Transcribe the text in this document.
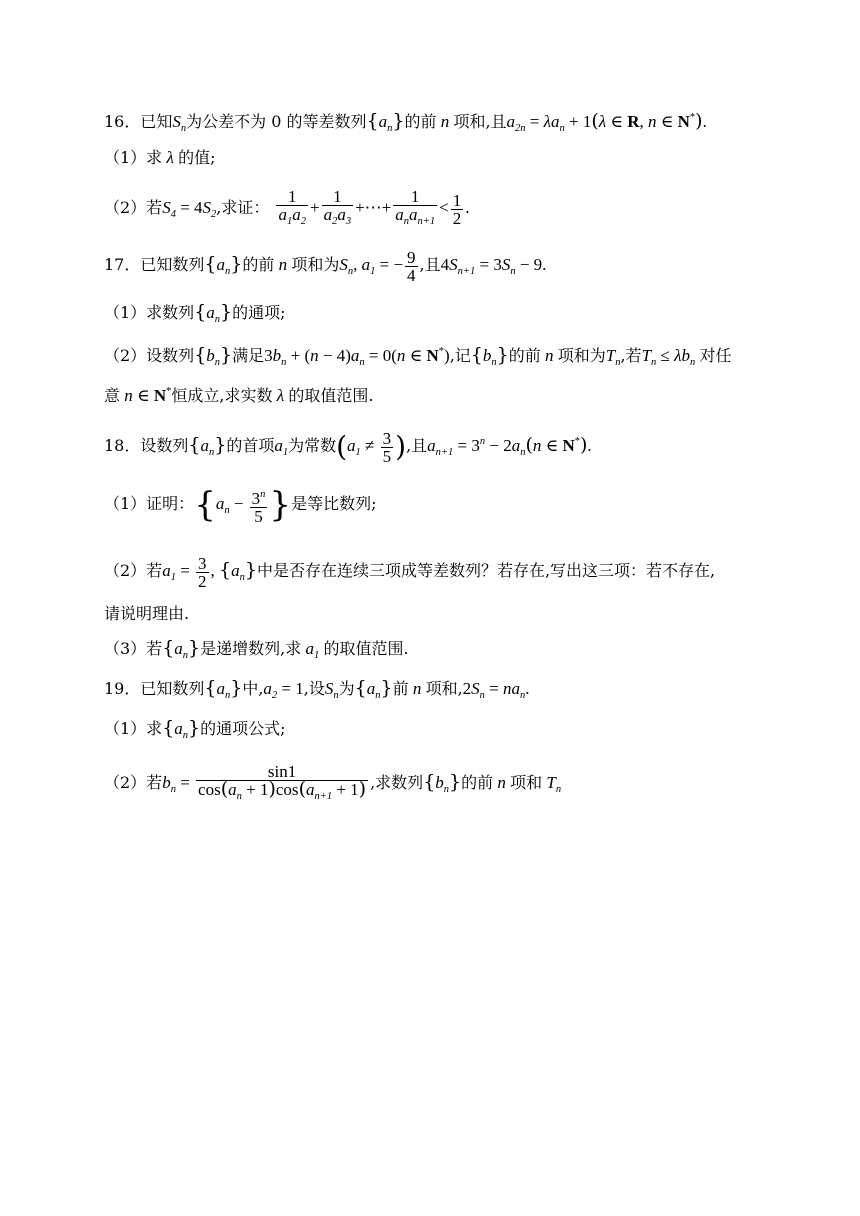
16．已知$S_n$为公差不为 0 的等差数列$\{a_n\}$的前 n 项和,且$a_{2n} = \lambda a_n + 1(\lambda$ ∈ R, n ∈ N*).
（1）求 λ 的值;
（2）若$S_4 = 4S_2$,求证： $\frac{1}{a_1a_2} + \frac{1}{a_2a_3}$ +⋯+ $\frac{1}{a_na_{n+1}} < \frac{1}{2}$ .
17．已知数列$\{a_n\}$的前 n 项和为$S_n$, $a_1$ = − $\frac{9}{4}$ ,且$4S_{n+1} = 3S_n - 9$.
（1）求数列$\{a_n\}$的通项;
（2）设数列$\{b_n\}$满足$3b_n + (n - 4)a_n = 0(n$ ∈ N*),记$\{b_n\}$的前 n 项和为$T_n$,若$T_n \le \lambda b_n$ 对任
意 n ∈ N*恒成立,求实数 λ 的取值范围.
18．设数列$\{a_n\}$的首项$a_1$为常数($a_1 \ne \frac{3}{5}$ ),且$a_{n+1} = 3^n - 2a_n(n$ ∈ N*).
（1）证明：{$a_n - \frac{3^n}{5}$ }是等比数列;
（2）若$a_1 = \frac{3}{2}$ , $\{a_n\}$中是否存在连续三项成等差数列？若存在,写出这三项：若不存在,
请说明理由.
（3）若$\{a_n\}$是递增数列,求 $a_1$ 的取值范围.
19．已知数列$\{a_n\}$中$,a_2 = 1$,设$S_n$为$\{a_n\}$前 n 项和$,2S_n = na_n$.
（1）求$\{a_n\}$的通项公式;
（2）若$b_n = \frac{\sin 1}{\cos(a_n + 1)\cos(a_{n+1} + 1)}$ ,求数列$\{b_n\}$的前 n 项和 $T_n$
